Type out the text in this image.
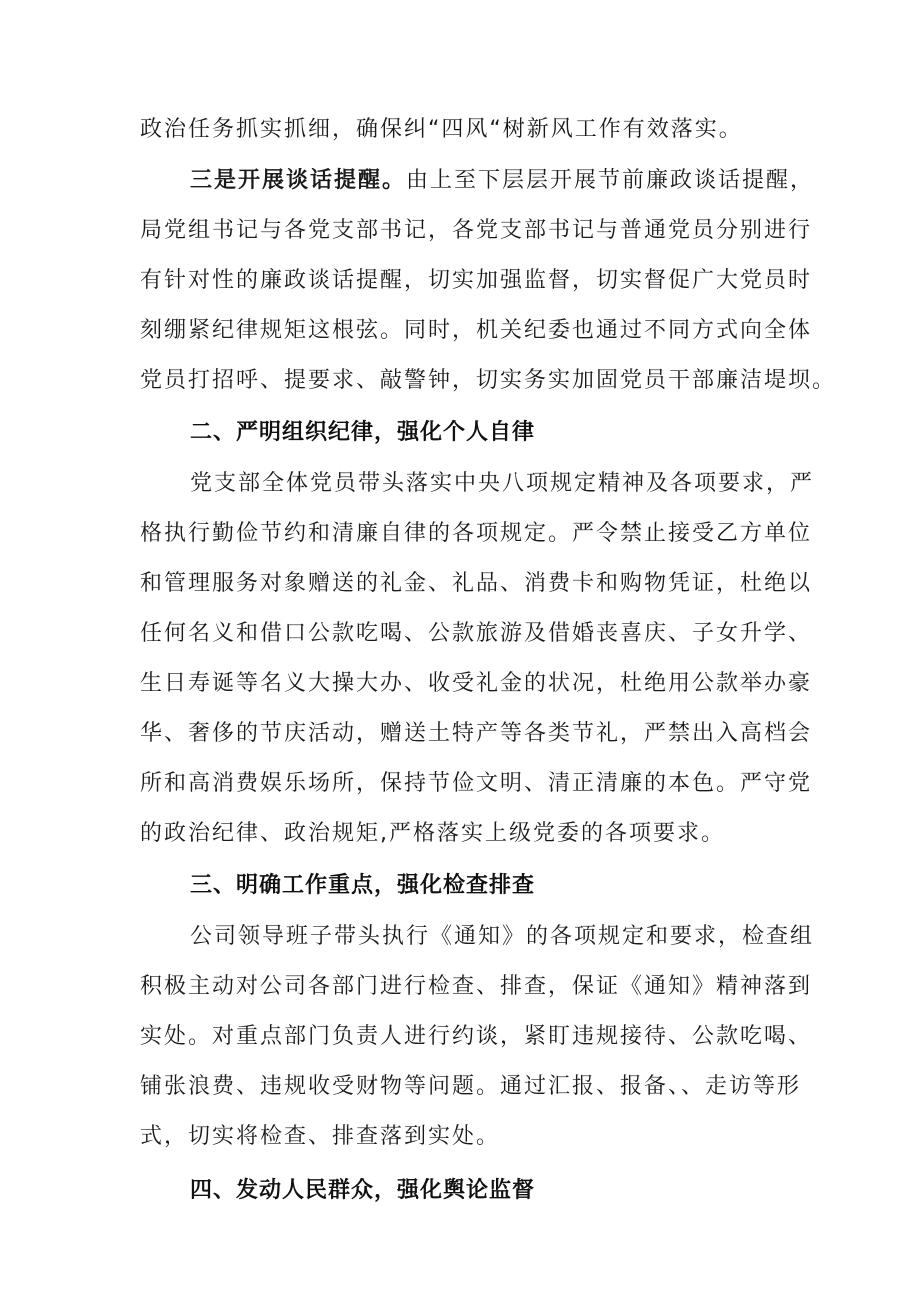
政治任务抓实抓细，确保纠“四风“树新风工作有效落实。
三是开展谈话提醒。由上至下层层开展节前廉政谈话提醒，
局党组书记与各党支部书记，各党支部书记与普通党员分别进行
有针对性的廉政谈话提醒，切实加强监督，切实督促广大党员时
刻绷紧纪律规矩这根弦。同时，机关纪委也通过不同方式向全体
党员打招呼、提要求、敲警钟，切实务实加固党员干部廉洁堤坝。
二、严明组织纪律，强化个人自律
党支部全体党员带头落实中央八项规定精神及各项要求，严
格执行勤俭节约和清廉自律的各项规定。严令禁止接受乙方单位
和管理服务对象赠送的礼金、礼品、消费卡和购物凭证，杜绝以
任何名义和借口公款吃喝、公款旅游及借婚丧喜庆、子女升学、
生日寿诞等名义大操大办、收受礼金的状况，杜绝用公款举办豪
华、奢侈的节庆活动，赠送土特产等各类节礼，严禁出入高档会
所和高消费娱乐场所，保持节俭文明、清正清廉的本色。严守党
的政治纪律、政治规矩,严格落实上级党委的各项要求。
三、明确工作重点，强化检查排查
公司领导班子带头执行《通知》的各项规定和要求，检查组
积极主动对公司各部门进行检查、排查，保证《通知》精神落到
实处。对重点部门负责人进行约谈，紧盯违规接待、公款吃喝、
铺张浪费、违规收受财物等问题。通过汇报、报备、、走访等形
式，切实将检查、排查落到实处。
四、发动人民群众，强化舆论监督
